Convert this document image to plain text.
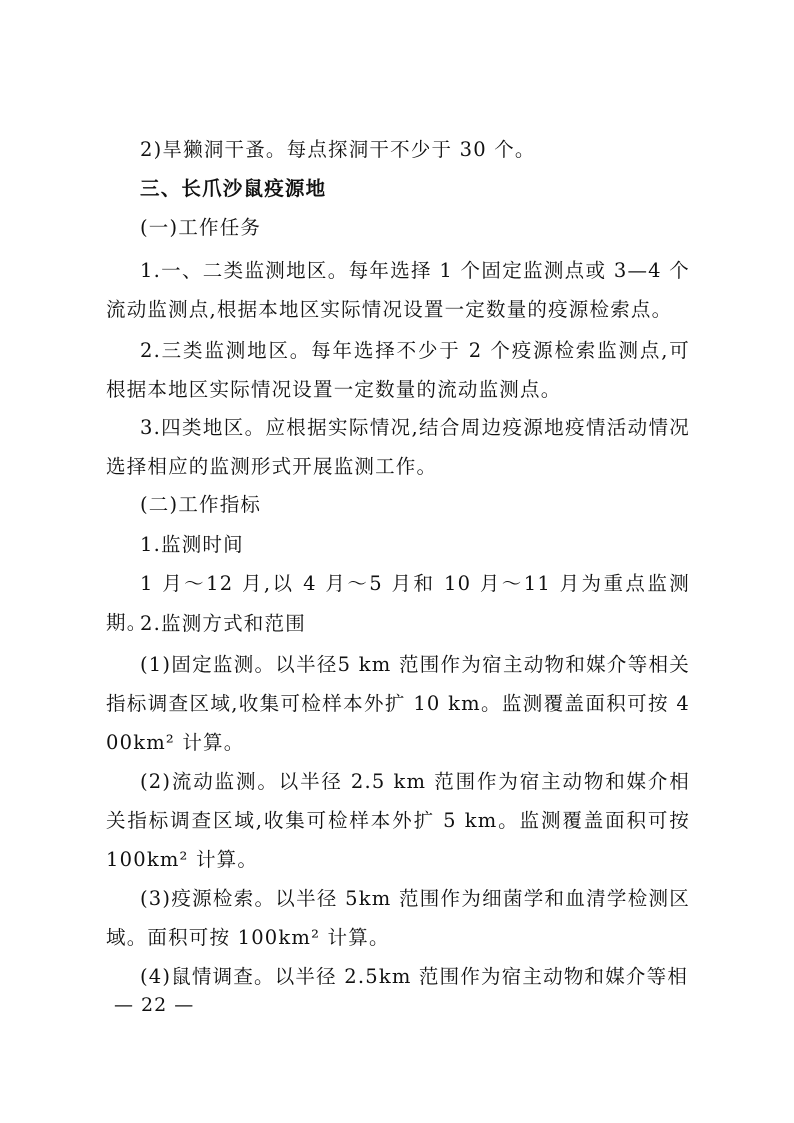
2)旱獭洞干蚤。每点探洞干不少于 30 个。

三、长爪沙鼠疫源地

(一)工作任务

1.一、二类监测地区。每年选择 1 个固定监测点或 3—4 个流动监测点,根据本地区实际情况设置一定数量的疫源检索点。

2.三类监测地区。每年选择不少于 2 个疫源检索监测点,可根据本地区实际情况设置一定数量的流动监测点。

3.四类地区。应根据实际情况,结合周边疫源地疫情活动情况选择相应的监测形式开展监测工作。

(二)工作指标

1.监测时间

1 月～12 月,以 4 月～5 月和 10 月～11 月为重点监测期。

2.监测方式和范围

(1)固定监测。以半径5 km 范围作为宿主动物和媒介等相关指标调查区域,收集可检样本外扩 10 km。监测覆盖面积可按 400km² 计算。

(2)流动监测。以半径 2.5 km 范围作为宿主动物和媒介相关指标调查区域,收集可检样本外扩 5 km。监测覆盖面积可按 100km² 计算。

(3)疫源检索。以半径 5km 范围作为细菌学和血清学检测区域。面积可按 100km² 计算。

(4)鼠情调查。以半径 2.5km 范围作为宿主动物和媒介等相

— 22 —
